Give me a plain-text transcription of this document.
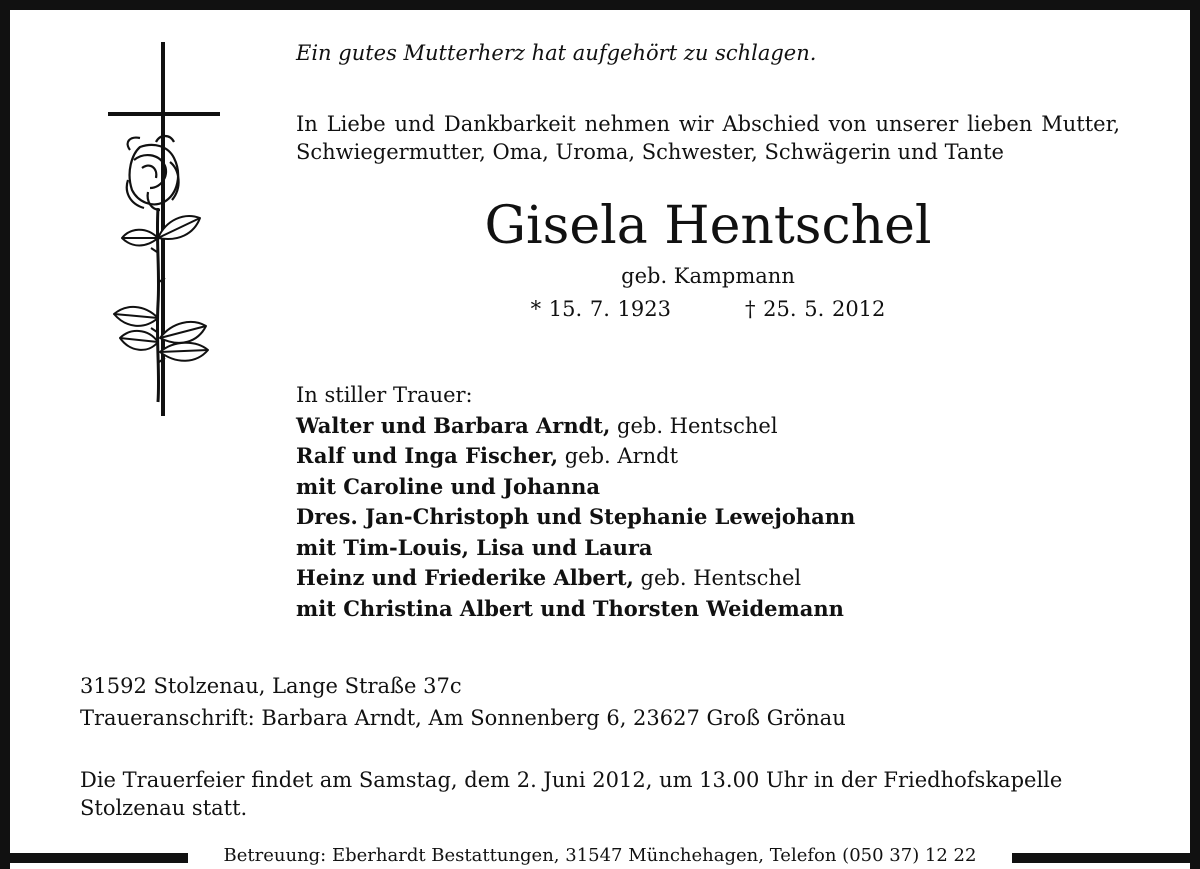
Ein gutes Mutterherz hat aufgehört zu schlagen.
In Liebe und Dankbarkeit nehmen wir Abschied von unserer lieben Mutter, Schwiegermutter, Oma, Uroma, Schwester, Schwägerin und Tante
Gisela Hentschel
geb. Kampmann
* 15. 7. 1923	† 25. 5. 2012
In stiller Trauer:
Walter und Barbara Arndt, geb. Hentschel
Ralf und Inga Fischer, geb. Arndt
mit Caroline und Johanna
Dres. Jan-Christoph und Stephanie Lewejohann
mit Tim-Louis, Lisa und Laura
Heinz und Friederike Albert, geb. Hentschel
mit Christina Albert und Thorsten Weidemann
31592 Stolzenau, Lange Straße 37c
Traueranschrift: Barbara Arndt, Am Sonnenberg 6, 23627 Groß Grönau
Die Trauerfeier findet am Samstag, dem 2. Juni 2012, um 13.00 Uhr in der Friedhofskapelle Stolzenau statt.
Betreuung: Eberhardt Bestattungen, 31547 Münchehagen, Telefon (050 37) 12 22
